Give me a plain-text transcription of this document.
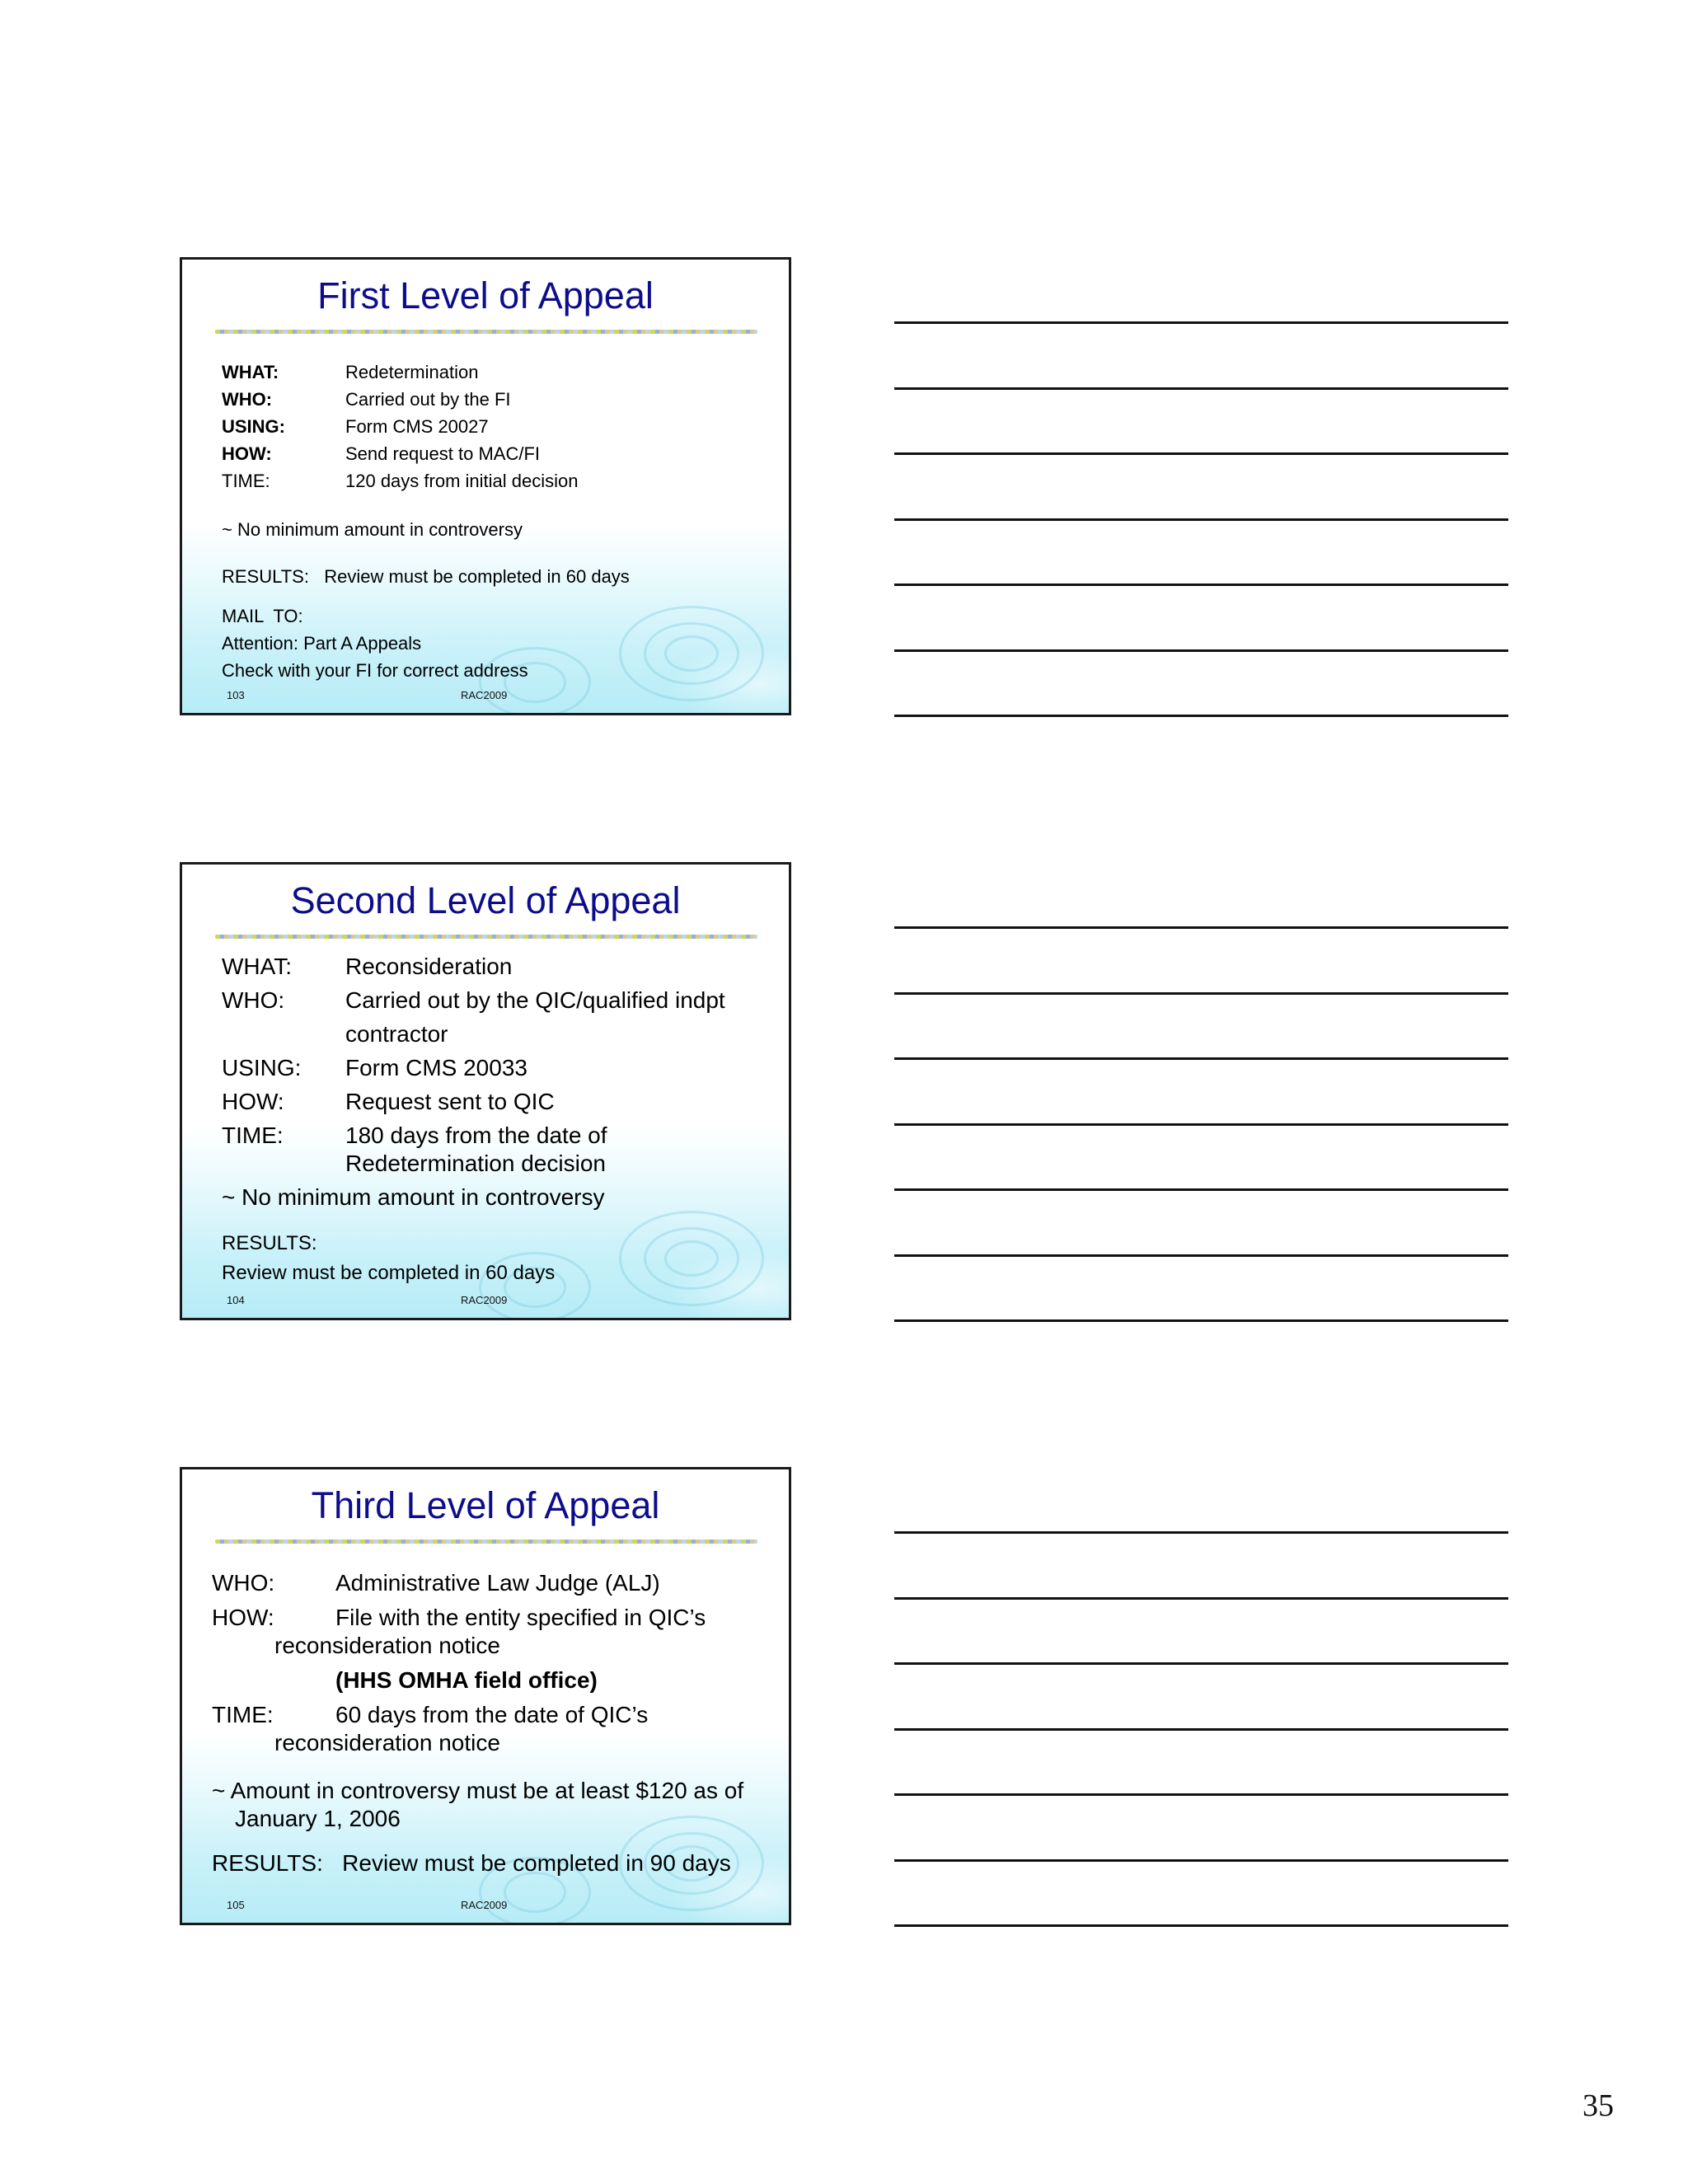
First Level of Appeal
WHAT:	Redetermination
WHO:	Carried out by the FI
USING:	Form CMS 20027
HOW:	Send request to MAC/FI
TIME:	120 days from initial decision
~ No minimum amount in controversy
RESULTS:   Review must be completed in 60 days
MAIL  TO:
Attention: Part A Appeals
Check with your FI for correct address
103	RAC2009
Second Level of Appeal
WHAT: Reconsideration
WHO:	Carried out by the QIC/qualified indpt
contractor
USING: Form CMS 20033
HOW:	Request sent to QIC
TIME:	180 days from the date of
Redetermination decision
~ No minimum amount in controversy
RESULTS:
Review must be completed in 60 days
104	RAC2009
Third Level of Appeal
WHO:	Administrative Law Judge (ALJ)
HOW:	File with the entity specified in QIC’s
reconsideration notice
(HHS OMHA field office)
TIME:	60 days from the date of QIC’s
reconsideration notice
~ Amount in controversy must be at least $120 as of
January 1, 2006
RESULTS:   Review must be completed in 90 days
105	RAC2009
35
